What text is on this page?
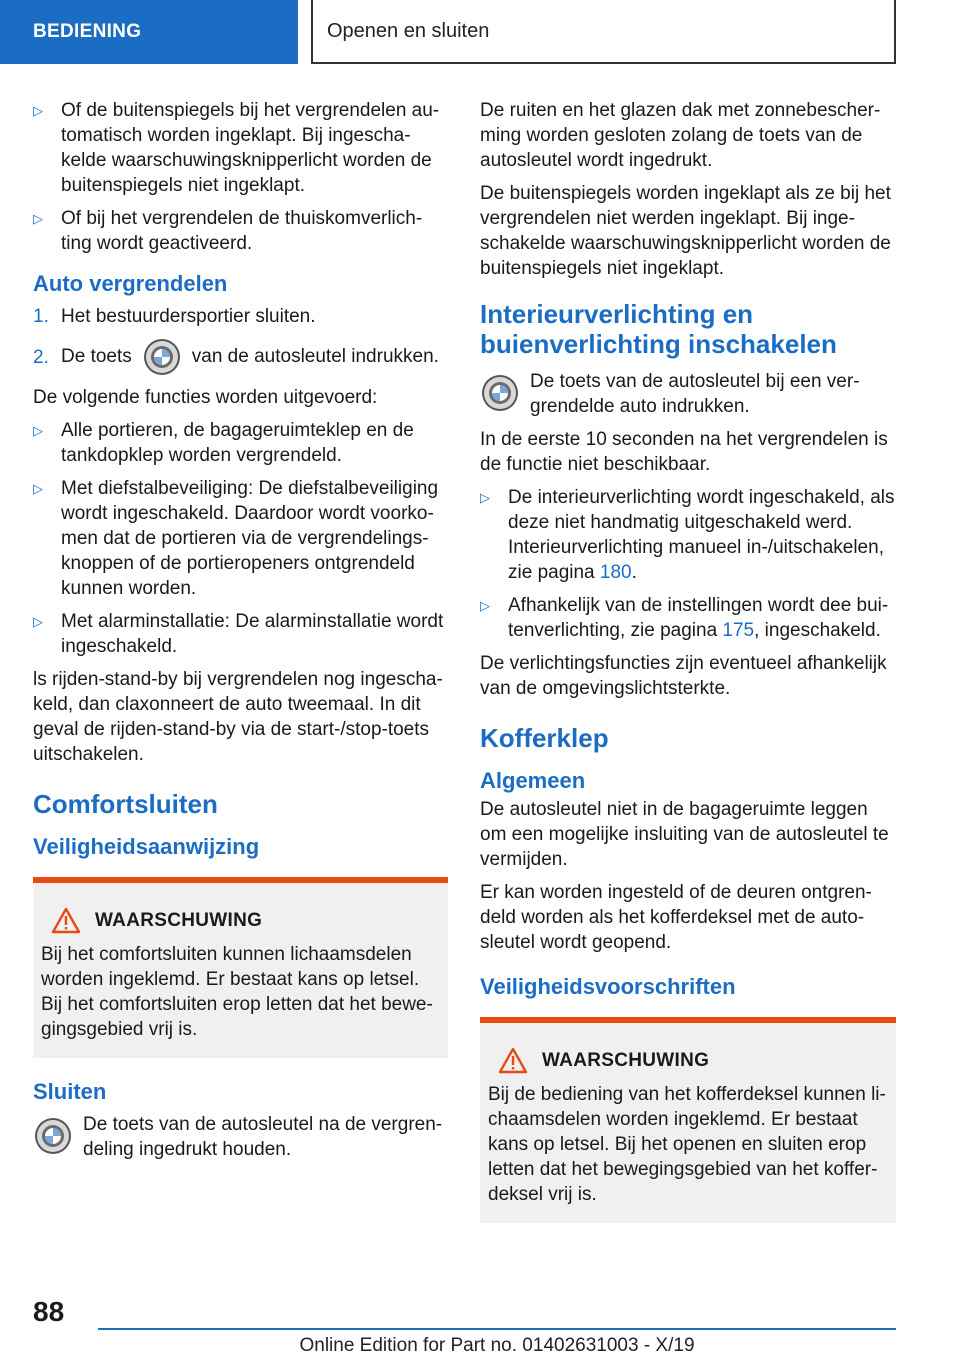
BEDIENING	Openen en sluiten
▷ Of de buitenspiegels bij het vergrendelen au-tomatisch worden ingeklapt. Bij ingescha-kelde waarschuwingsknipperlicht worden de buitenspiegels niet ingeklapt.
▷ Of bij het vergrendelen de thuiskomverlich-ting wordt geactiveerd.
Auto vergrendelen
1. Het bestuurdersportier sluiten.
2. De toets	van de autosleutel indrukken.

De volgende functies worden uitgevoerd:

▷ Alle portieren, de bagageruimteklep en de tankdopklep worden vergrendeld.
▷ Met diefstalbeveiliging: De diefstalbeveiliging wordt ingeschakeld. Daardoor wordt voorko-men dat de portieren via de vergrendelings-knoppen of de portieropeners ontgrendeld kunnen worden.
▷ Met alarminstallatie: De alarminstallatie wordt ingeschakeld.

ls rijden-stand-by bij vergrendelen nog ingescha-keld, dan claxonneert de auto tweemaal. In dit geval de rijden-stand-by via de start-/stop-toets uitschakelen.

Comfortsluiten
Veiligheidsaanwijzing
WAARSCHUWING

Bij het comfortsluiten kunnen lichaamsdelen worden ingeklemd. Er bestaat kans op letsel. Bij het comfortsluiten erop letten dat het bewe-gingsgebied vrij is.

Sluiten
De toets van de autosleutel na de vergren-deling ingedrukt houden.

De ruiten en het glazen dak met zonnebescher-ming worden gesloten zolang de toets van de autosleutel wordt ingedrukt.

De buitenspiegels worden ingeklapt als ze bij het vergrendelen niet werden ingeklapt. Bij inge-schakelde waarschuwingsknipperlicht worden de buitenspiegels niet ingeklapt.

Interieurverlichting en buienverlichting inschakelen
De toets van de autosleutel bij een ver-grendelde auto indrukken.

In de eerste 10 seconden na het vergrendelen is de functie niet beschikbaar.

▷ De interieurverlichting wordt ingeschakeld, als deze niet handmatig uitgeschakeld werd. Interieurverlichting manueel in-/uitschakelen, zie pagina 180.
▷ Afhankelijk van de instellingen wordt dee bui-tenverlichting, zie pagina 175, ingeschakeld.

De verlichtingsfuncties zijn eventueel afhankelijk van de omgevingslichtsterkte.

Kofferklep
Algemeen

De autosleutel niet in de bagageruimte leggen om een mogelijke insluiting van de autosleutel te vermijden.

Er kan worden ingesteld of de deuren ontgren-deld worden als het kofferdeksel met de auto-sleutel wordt geopend.

Veiligheidsvoorschriften
WAARSCHUWING

Bij de bediening van het kofferdeksel kunnen li-chaamsdelen worden ingeklemd. Er bestaat kans op letsel. Bij het openen en sluiten erop letten dat het bewegingsgebied van het koffer-deksel vrij is.

88
Online Edition for Part no. 01402631003 - X/19
